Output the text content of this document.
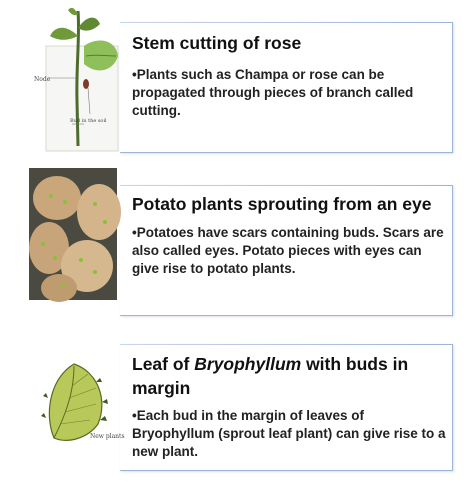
Node
Bud in the soil
Stem cutting of rose
•Plants such as Champa or rose can be propagated through pieces of branch called cutting.
Potato plants sprouting from an eye
•Potatoes have scars containing buds. Scars are also called eyes. Potato pieces with eyes can give rise to potato plants.
New plants
Leaf of Bryophyllum with buds in margin
•Each bud in the margin of leaves of Bryophyllum (sprout leaf plant) can give rise to a new plant.
